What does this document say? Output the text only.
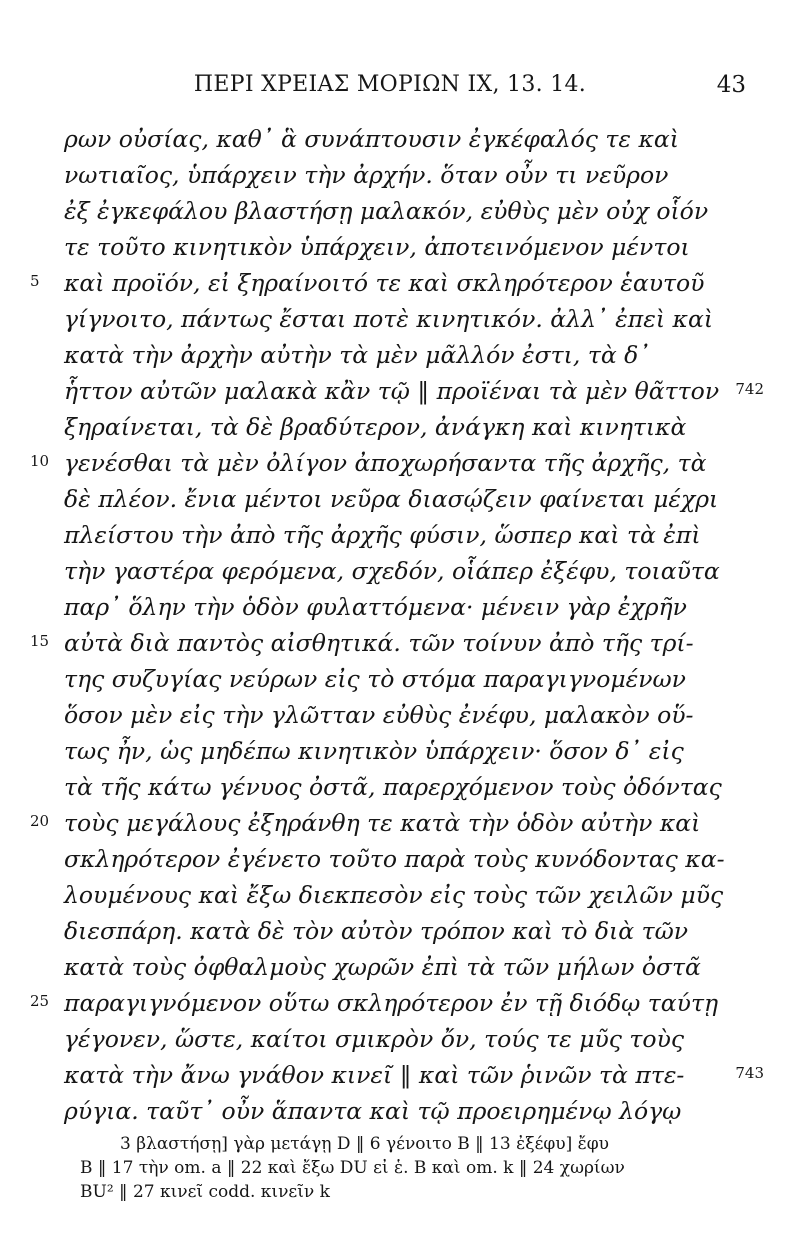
ΠΕΡΙ ΧΡΕΙΑΣ ΜΟΡΙΩΝ ΙΧ, 13. 14.	43
ρων οὐσίας, καθ᾽ ἃ συνάπτουσιν ἐγκέφαλός τε καὶ
νωτιαῖος, ὑπάρχειν τὴν ἀρχήν. ὅταν οὖν τι νεῦρον
ἐξ ἐγκεφάλου βλαστήσῃ μαλακόν, εὐθὺς μὲν οὐχ οἷόν
τε τοῦτο κινητικὸν ὑπάρχειν, ἀποτεινόμενον μέντοι
5 καὶ προϊόν, εἰ ξηραίνοιτό τε καὶ σκληρότερον ἑαυτοῦ
γίγνοιτο, πάντως ἔσται ποτὲ κινητικόν. ἀλλ᾽ ἐπεὶ καὶ
κατὰ τὴν ἀρχὴν αὐτὴν τὰ μὲν μᾶλλόν ἐστι, τὰ δ᾽
ἧττον αὐτῶν μαλακὰ κἂν τῷ ‖ προϊέναι τὰ μὲν θᾶττον 742
ξηραίνεται, τὰ δὲ βραδύτερον, ἀνάγκη καὶ κινητικὰ
10 γενέσθαι τὰ μὲν ὀλίγον ἀποχωρήσαντα τῆς ἀρχῆς, τὰ
δὲ πλέον. ἔνια μέντοι νεῦρα διασῴζειν φαίνεται μέχρι
πλείστου τὴν ἀπὸ τῆς ἀρχῆς φύσιν, ὥσπερ καὶ τὰ ἐπὶ
τὴν γαστέρα φερόμενα, σχεδόν, οἷάπερ ἐξέφυ, τοιαῦτα
παρ᾽ ὅλην τὴν ὁδὸν φυλαττόμενα· μένειν γὰρ ἐχρῆν
15 αὐτὰ διὰ παντὸς αἰσθητικά. τῶν τοίνυν ἀπὸ τῆς τρί-
της συζυγίας νεύρων εἰς τὸ στόμα παραγιγνομένων
ὅσον μὲν εἰς τὴν γλῶτταν εὐθὺς ἐνέφυ, μαλακὸν οὕ-
τως ἦν, ὡς μηδέπω κινητικὸν ὑπάρχειν· ὅσον δ᾽ εἰς
τὰ τῆς κάτω γένυος ὀστᾶ, παρερχόμενον τοὺς ὀδόντας
20 τοὺς μεγάλους ἐξηράνθη τε κατὰ τὴν ὁδὸν αὐτὴν καὶ
σκληρότερον ἐγένετο τοῦτο παρὰ τοὺς κυνόδοντας κα-
λουμένους καὶ ἔξω διεκπεσὸν εἰς τοὺς τῶν χειλῶν μῦς
διεσπάρη. κατὰ δὲ τὸν αὐτὸν τρόπον καὶ τὸ διὰ τῶν
κατὰ τοὺς ὀφθαλμοὺς χωρῶν ἐπὶ τὰ τῶν μήλων ὀστᾶ
25 παραγιγνόμενον οὕτω σκληρότερον ἐν τῇ διόδῳ ταύτῃ
γέγονεν, ὥστε, καίτοι σμικρὸν ὄν, τούς τε μῦς τοὺς
κατὰ τὴν ἄνω γνάθον κινεῖ ‖ καὶ τῶν ῥινῶν τὰ πτε-	743
ρύγια. ταῦτ᾽ οὖν ἅπαντα καὶ τῷ προειρημένῳ λόγῳ
3 βλαστήσῃ] γὰρ μετάγῃ D ‖ 6 γένοιτο B ‖ 13 ἐξέφυ] ἔφυ
B ‖ 17 τὴν om. a ‖ 22 καὶ ἔξω DU εἰ ἑ. B καὶ om. k ‖ 24 χωρίων
BU² ‖ 27 κινεῖ codd. κινεῖν k
